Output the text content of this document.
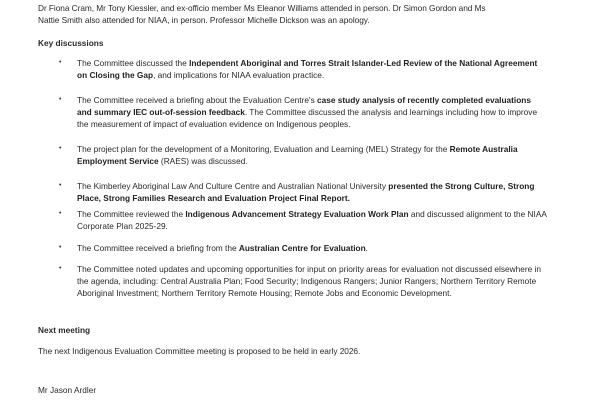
Dr Fiona Cram, Mr Tony Kiessler, and ex-officio member Ms Eleanor Williams attended in person. Dr Simon Gordon and Ms
Nattie Smith also attended for NIAA, in person. Professor Michelle Dickson was an apology.
Key discussions
• The Committee discussed the Independent Aboriginal and Torres Strait Islander-Led Review of the National Agreement on Closing the Gap, and implications for NIAA evaluation practice.
• The Committee received a briefing about the Evaluation Centre's case study analysis of recently completed evaluations and summary IEC out-of-session feedback. The Committee discussed the analysis and learnings including how to improve the measurement of impact of evaluation evidence on Indigenous peoples.
• The project plan for the development of a Monitoring, Evaluation and Learning (MEL) Strategy for the Remote Australia Employment Service (RAES) was discussed.
• The Kimberley Aboriginal Law And Culture Centre and Australian National University presented the Strong Culture, Strong Place, Strong Families Research and Evaluation Project Final Report.
• The Committee reviewed the Indigenous Advancement Strategy Evaluation Work Plan and discussed alignment to the NIAA Corporate Plan 2025-29.
• The Committee received a briefing from the Australian Centre for Evaluation.
• The Committee noted updates and upcoming opportunities for input on priority areas for evaluation not discussed elsewhere in the agenda, including: Central Australia Plan; Food Security; Indigenous Rangers; Junior Rangers; Northern Territory Remote Aboriginal Investment; Northern Territory Remote Housing; Remote Jobs and Economic Development.
Next meeting
The next Indigenous Evaluation Committee meeting is proposed to be held in early 2026.
Mr Jason Ardler
